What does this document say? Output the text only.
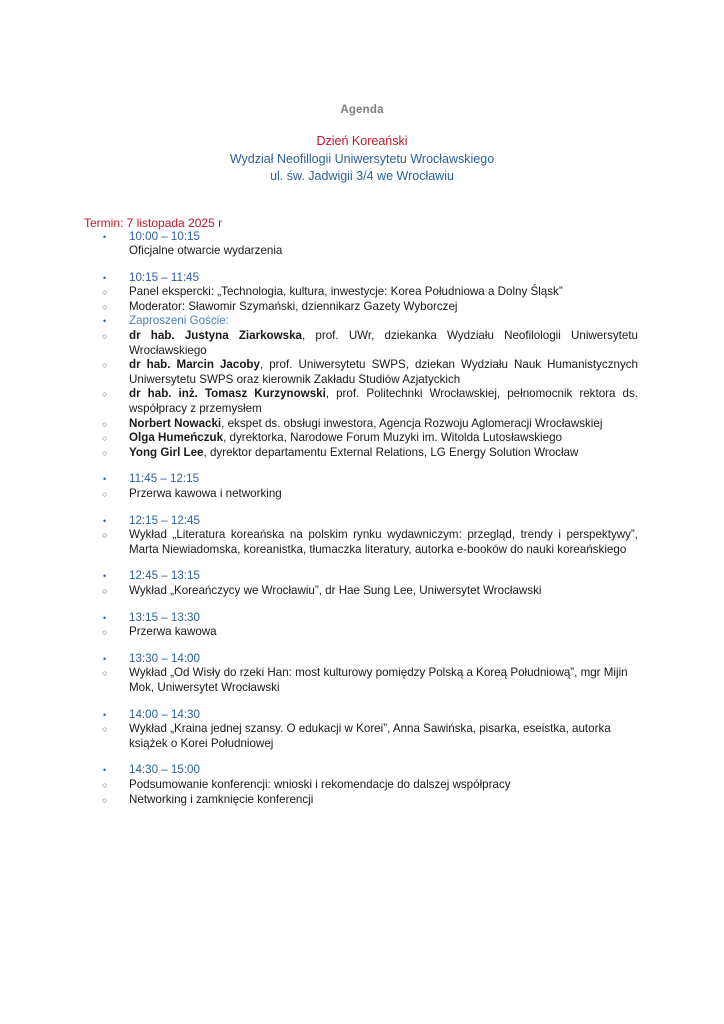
Agenda
Dzień Koreański
Wydział Neofillogii Uniwersytetu Wrocławskiego
ul. św. Jadwigii 3/4 we Wrocławiu
Termin: 7 listopada 2025 r
•	10:00 – 10:15
Oficjalne otwarcie wydarzenia
•	10:15 – 11:45
○	Panel ekspercki: „Technologia, kultura, inwestycje: Korea Południowa a Dolny Śląsk”
○	Moderator: Sławomir Szymański, dziennikarz Gazety Wyborczej
•	Zaproszeni Goście:
○	dr hab. Justyna Ziarkowska, prof. UWr, dziekanka Wydziału Neofilologii Uniwersytetu Wrocławskiego
○	dr hab. Marcin Jacoby, prof. Uniwersytetu SWPS, dziekan Wydziału Nauk Humanistycznych Uniwersytetu SWPS oraz kierownik Zakładu Studiów Azjatyckich
○	dr hab. inż. Tomasz Kurzynowski, prof. Politechnki Wrocławskiej, pełnomocnik rektora ds. współpracy z przemysłem
○	Norbert Nowacki, ekspet ds. obsługi inwestora, Agencja Rozwoju Aglomeracji Wrocławskiej
○	Olga Humeńczuk, dyrektorka, Narodowe Forum Muzyki im. Witolda Lutosławskiego
○	Yong Girl Lee, dyrektor departamentu External Relations, LG Energy Solution Wrocław
•	11:45 – 12:15
○	Przerwa kawowa i networking
•	12:15 – 12:45
○	Wykład „Literatura koreańska na polskim rynku wydawniczym: przegląd, trendy i perspektywy”, Marta Niewiadomska, koreanistka, tłumaczka literatury, autorka e-booków do nauki koreańskiego
•	12:45 – 13:15
○	Wykład „Koreańczycy we Wrocławiu”, dr Hae Sung Lee, Uniwersytet Wrocławski
•	13:15 – 13:30
○	Przerwa kawowa
•	13:30 – 14:00
○	Wykład „Od Wisły do rzeki Han: most kulturowy pomiędzy Polską a Koreą Południową”, mgr Mijin Mok, Uniwersytet Wrocławski
•	14:00 – 14:30
○	Wykład „Kraina jednej szansy. O edukacji w Korei”, Anna Sawińska, pisarka, eseistka, autorka książek o Korei Południowej
•	14:30 – 15:00
○	Podsumowanie konferencji: wnioski i rekomendacje do dalszej współpracy
○	Networking i zamknięcie konferencji
